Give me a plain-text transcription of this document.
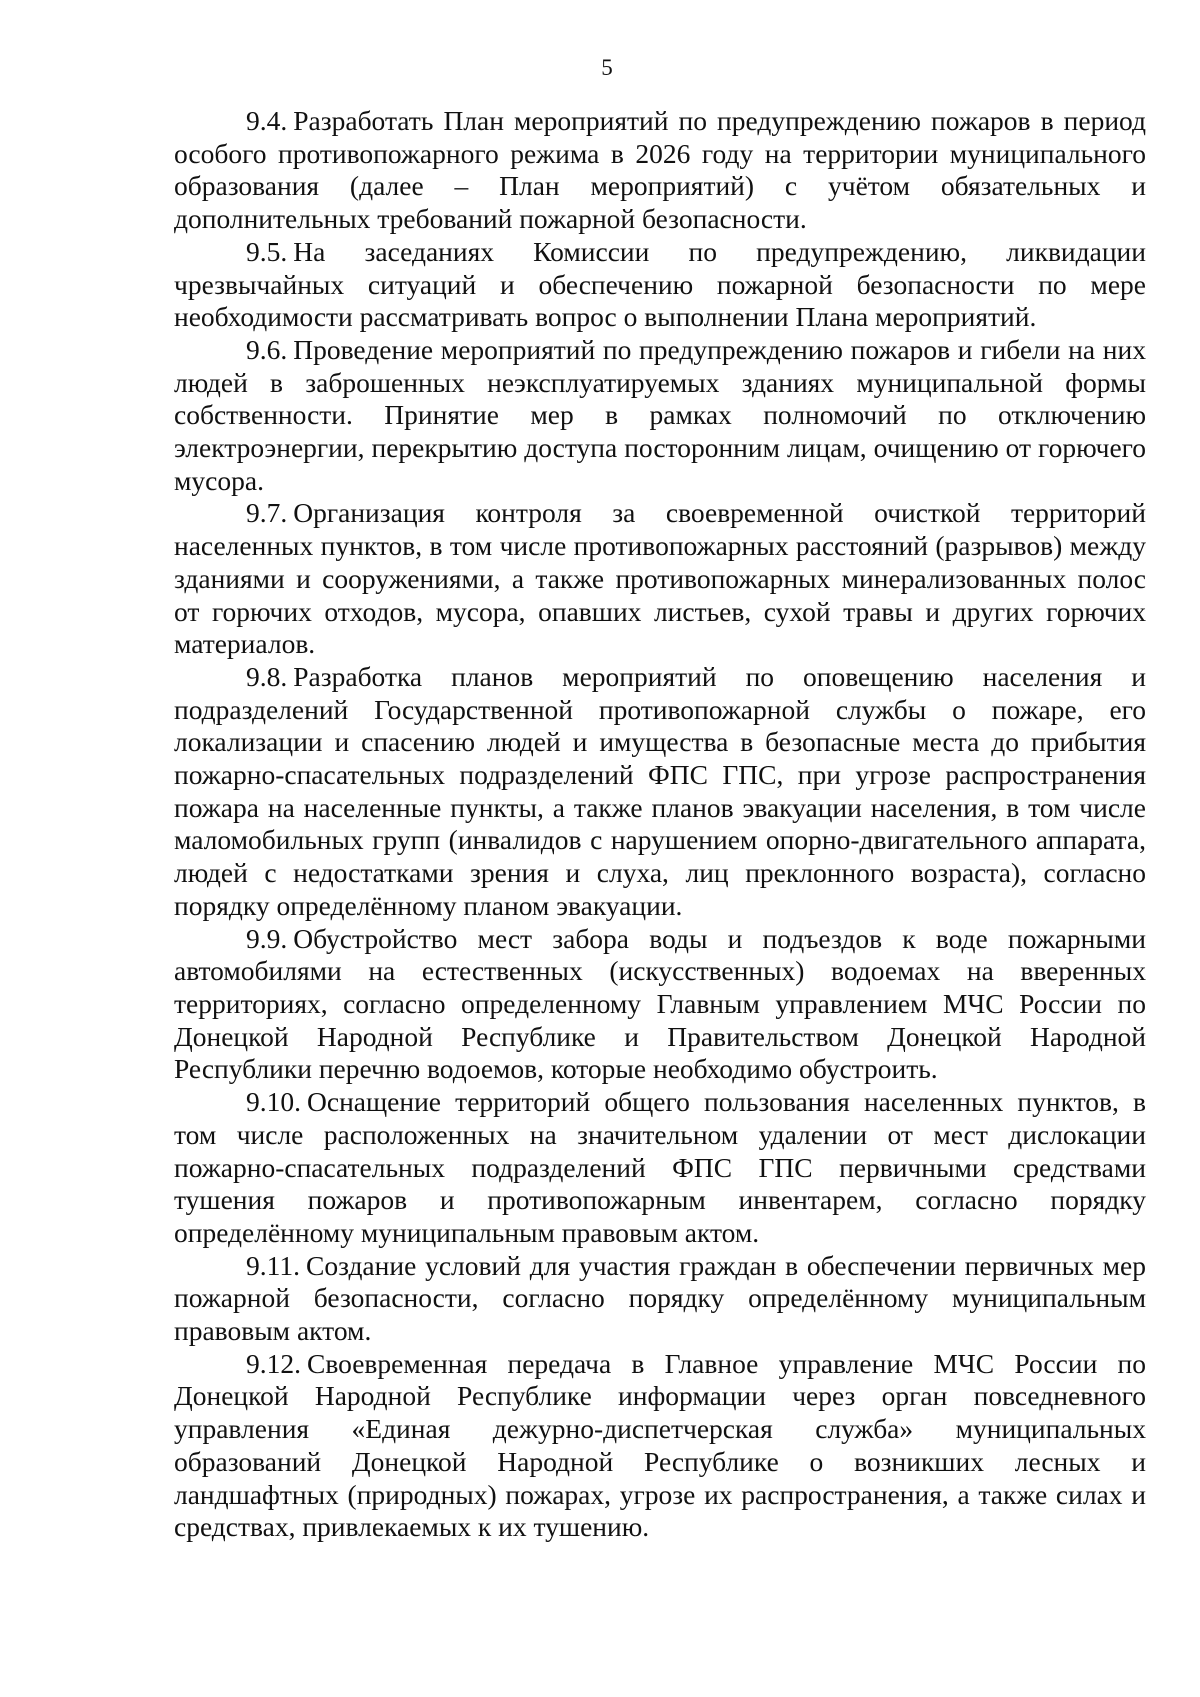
5

9.4. Разработать План мероприятий по предупреждению пожаров в период особого противопожарного режима в 2026 году на территории муниципального образования (далее – План мероприятий) с учётом обязательных и дополнительных требований пожарной безопасности.

9.5. На заседаниях Комиссии по предупреждению, ликвидации чрезвычайных ситуаций и обеспечению пожарной безопасности по мере необходимости рассматривать вопрос о выполнении Плана мероприятий.

9.6. Проведение мероприятий по предупреждению пожаров и гибели на них людей в заброшенных неэксплуатируемых зданиях муниципальной формы собственности. Принятие мер в рамках полномочий по отключению электроэнергии, перекрытию доступа посторонним лицам, очищению от горючего мусора.

9.7. Организация контроля за своевременной очисткой территорий населенных пунктов, в том числе противопожарных расстояний (разрывов) между зданиями и сооружениями, а также противопожарных минерализованных полос от горючих отходов, мусора, опавших листьев, сухой травы и других горючих материалов.

9.8. Разработка планов мероприятий по оповещению населения и подразделений Государственной противопожарной службы о пожаре, его локализации и спасению людей и имущества в безопасные места до прибытия пожарно-спасательных подразделений ФПС ГПС, при угрозе распространения пожара на населенные пункты, а также планов эвакуации населения, в том числе маломобильных групп (инвалидов с нарушением опорно-двигательного аппарата, людей с недостатками зрения и слуха, лиц преклонного возраста), согласно порядку определённому планом эвакуации.

9.9. Обустройство мест забора воды и подъездов к воде пожарными автомобилями на естественных (искусственных) водоемах на вверенных территориях, согласно определенному Главным управлением МЧС России по Донецкой Народной Республике и Правительством Донецкой Народной Республики перечню водоемов, которые необходимо обустроить.

9.10. Оснащение территорий общего пользования населенных пунктов, в том числе расположенных на значительном удалении от мест дислокации пожарно-спасательных подразделений ФПС ГПС первичными средствами тушения пожаров и противопожарным инвентарем, согласно порядку определённому муниципальным правовым актом.

9.11. Создание условий для участия граждан в обеспечении первичных мер пожарной безопасности, согласно порядку определённому муниципальным правовым актом.

9.12. Своевременная передача в Главное управление МЧС России по Донецкой Народной Республике информации через орган повседневного управления «Единая дежурно-диспетчерская служба» муниципальных образований Донецкой Народной Республике о возникших лесных и ландшафтных (природных) пожарах, угрозе их распространения, а также силах и средствах, привлекаемых к их тушению.
